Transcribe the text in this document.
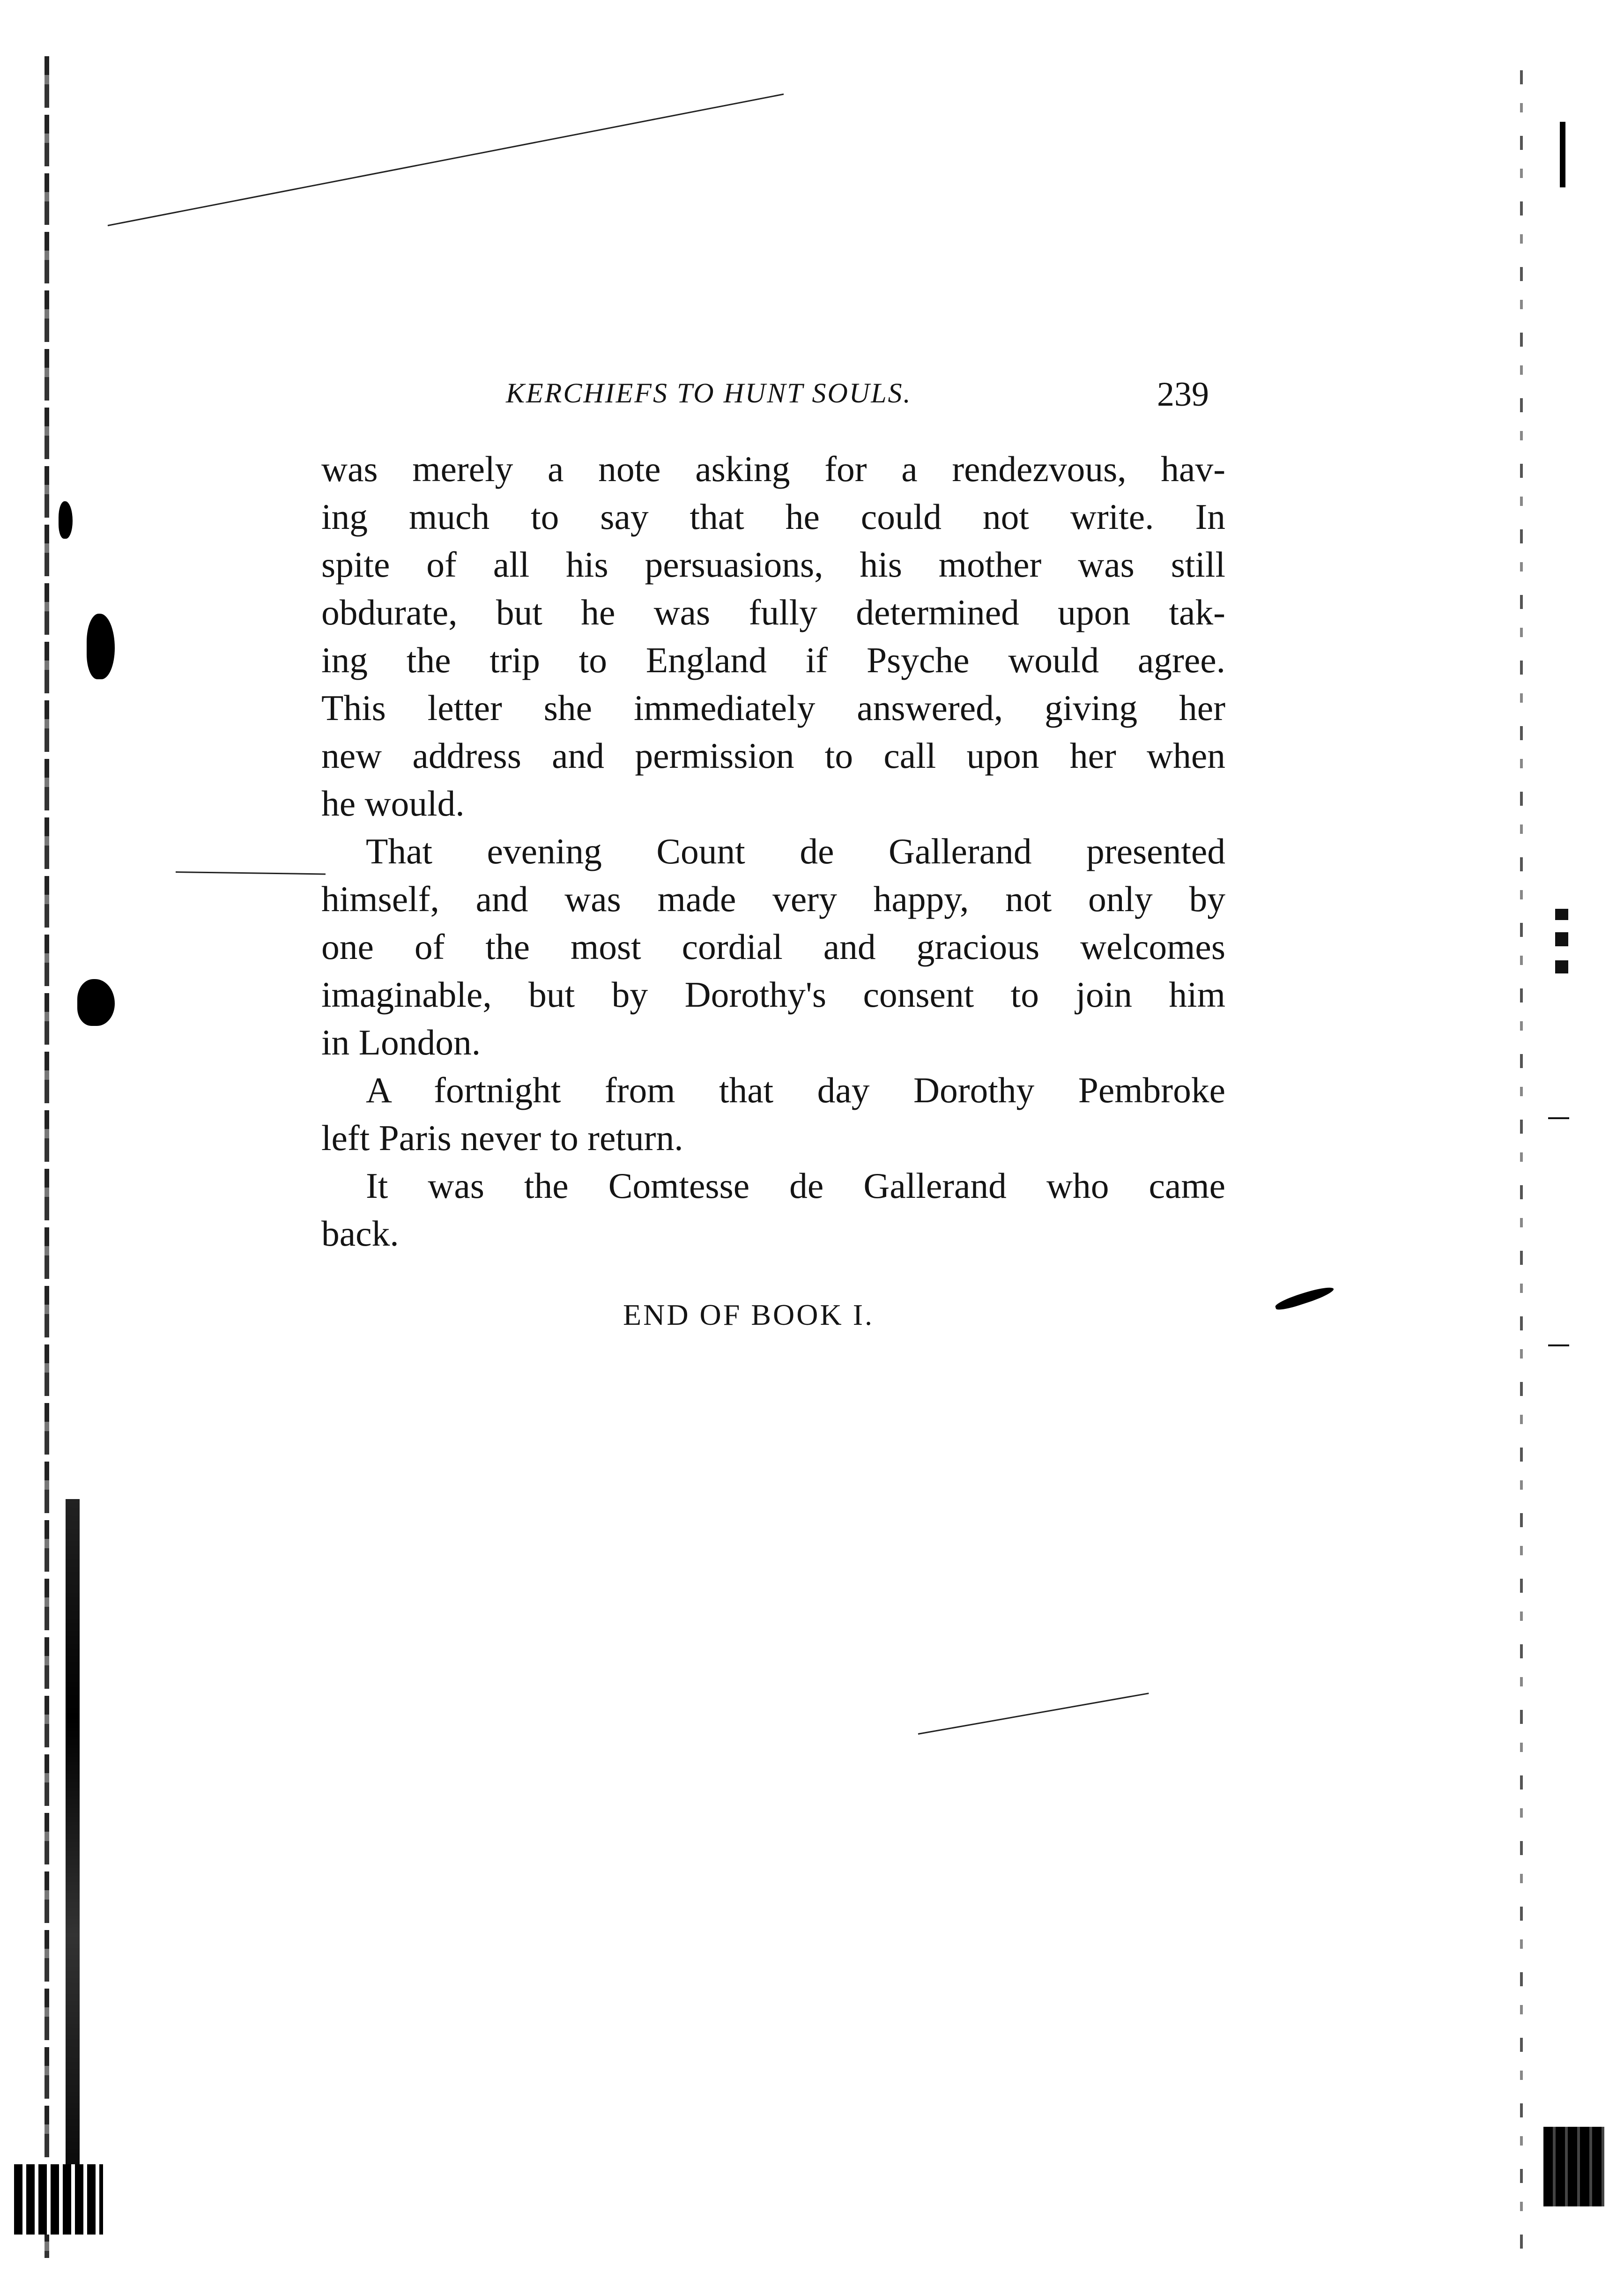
KERCHIEFS TO HUNT SOULS.	239
was merely a note asking for a rendezvous, hav-
ing much to say that he could not write. In
spite of all his persuasions, his mother was still
obdurate, but he was fully determined upon tak-
ing the trip to England if Psyche would agree.
This letter she immediately answered, giving her
new address and permission to call upon her when
he would.
That evening Count de Gallerand presented
himself, and was made very happy, not only by
one of the most cordial and gracious welcomes
imaginable, but by Dorothy's consent to join him
in London.
A fortnight from that day Dorothy Pembroke
left Paris never to return.
It was the Comtesse de Gallerand who came
back.
END OF BOOK I.
